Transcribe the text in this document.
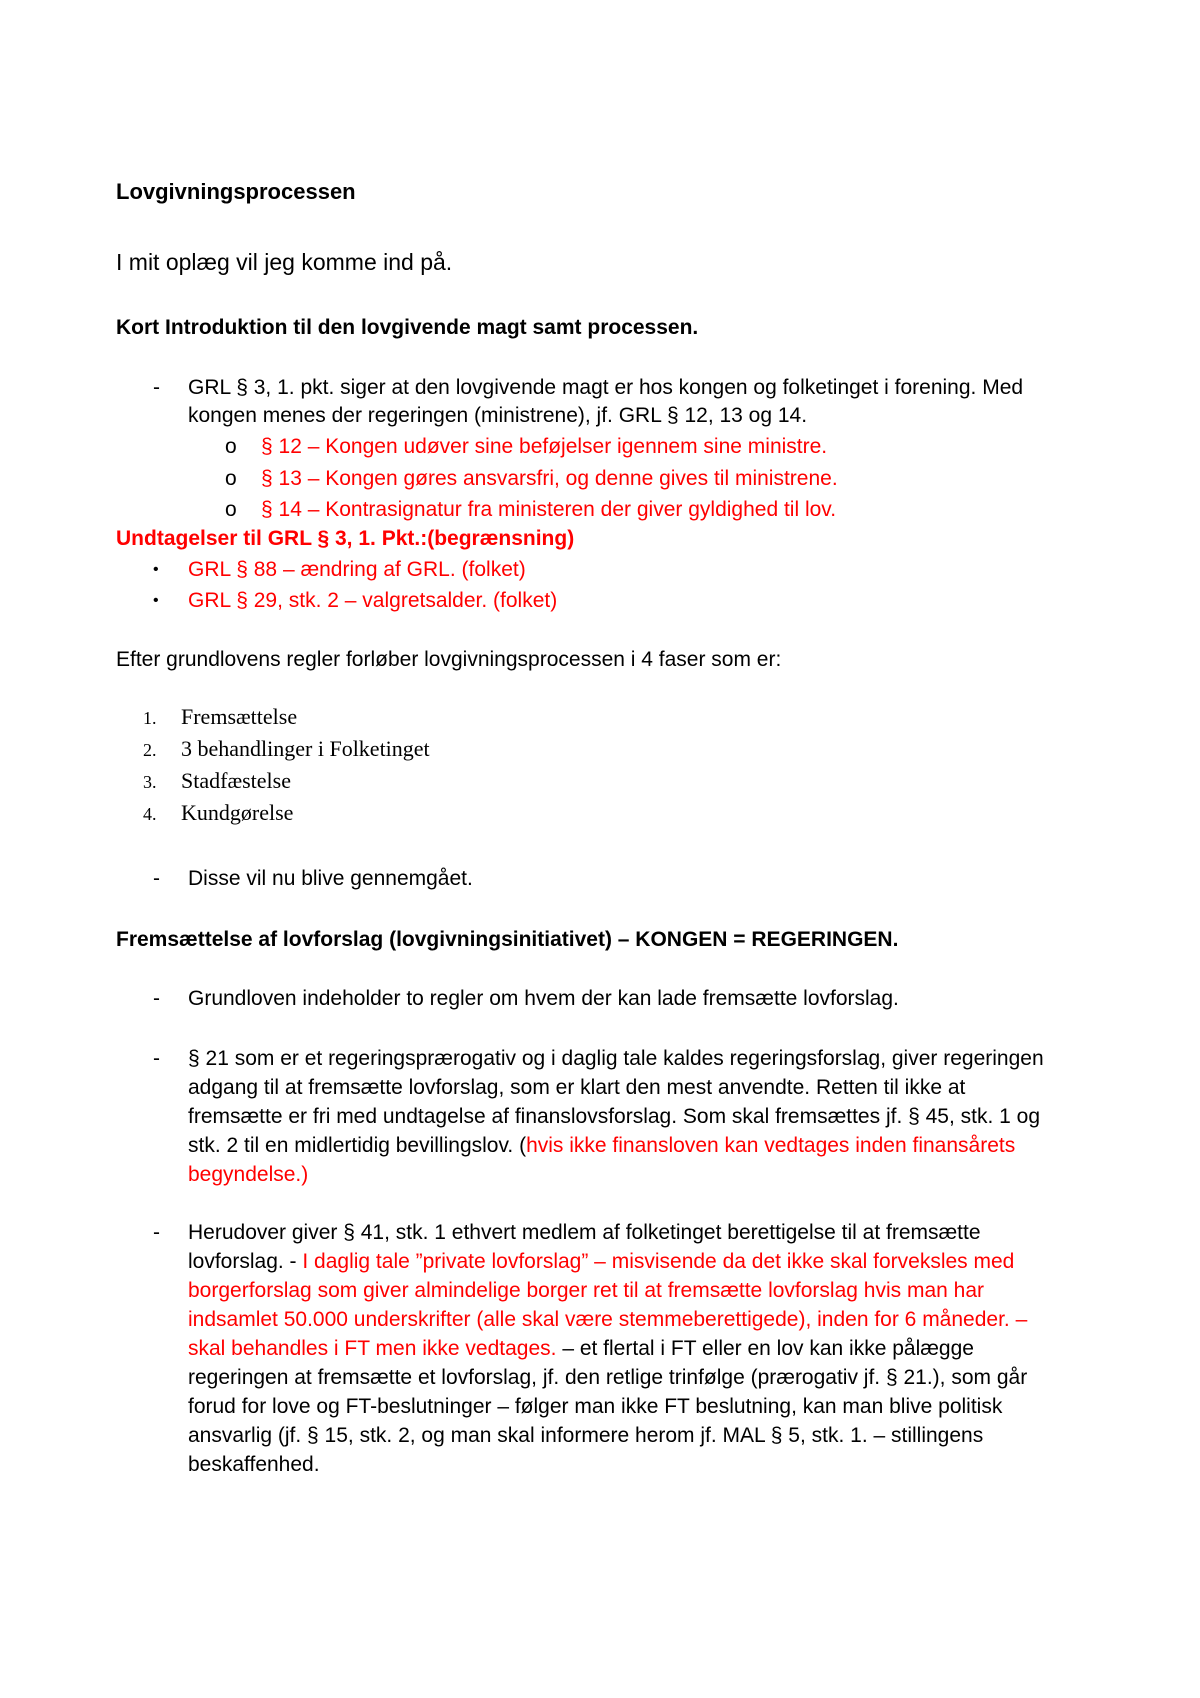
Lovgivningsprocessen
I mit oplæg vil jeg komme ind på.
Kort Introduktion til den lovgivende magt samt processen.
- GRL § 3, 1. pkt. siger at den lovgivende magt er hos kongen og folketinget i forening. Med
kongen menes der regeringen (ministrene), jf. GRL § 12, 13 og 14.
o § 12 – Kongen udøver sine beføjelser igennem sine ministre.
o § 13 – Kongen gøres ansvarsfri, og denne gives til ministrene.
o § 14 – Kontrasignatur fra ministeren der giver gyldighed til lov.
Undtagelser til GRL § 3, 1. Pkt.:(begrænsning)
• GRL § 88 – ændring af GRL. (folket)
• GRL § 29, stk. 2 – valgretsalder. (folket)
Efter grundlovens regler forløber lovgivningsprocessen i 4 faser som er:
1. Fremsættelse
2. 3 behandlinger i Folketinget
3. Stadfæstelse
4. Kundgørelse
- Disse vil nu blive gennemgået.
Fremsættelse af lovforslag (lovgivningsinitiativet) – KONGEN = REGERINGEN.
- Grundloven indeholder to regler om hvem der kan lade fremsætte lovforslag.
- § 21 som er et regeringsprærogativ og i daglig tale kaldes regeringsforslag, giver regeringen
adgang til at fremsætte lovforslag, som er klart den mest anvendte. Retten til ikke at
fremsætte er fri med undtagelse af finanslovsforslag. Som skal fremsættes jf. § 45, stk. 1 og
stk. 2 til en midlertidig bevillingslov. (hvis ikke finansloven kan vedtages inden finansårets
begyndelse.)
- Herudover giver § 41, stk. 1 ethvert medlem af folketinget berettigelse til at fremsætte
lovforslag. - I daglig tale ”private lovforslag” – misvisende da det ikke skal forveksles med
borgerforslag som giver almindelige borger ret til at fremsætte lovforslag hvis man har
indsamlet 50.000 underskrifter (alle skal være stemmeberettigede), inden for 6 måneder. –
skal behandles i FT men ikke vedtages. – et flertal i FT eller en lov kan ikke pålægge
regeringen at fremsætte et lovforslag, jf. den retlige trinfølge (prærogativ jf. § 21.), som går
forud for love og FT-beslutninger – følger man ikke FT beslutning, kan man blive politisk
ansvarlig (jf. § 15, stk. 2, og man skal informere herom jf. MAL § 5, stk. 1. – stillingens
beskaffenhed.
